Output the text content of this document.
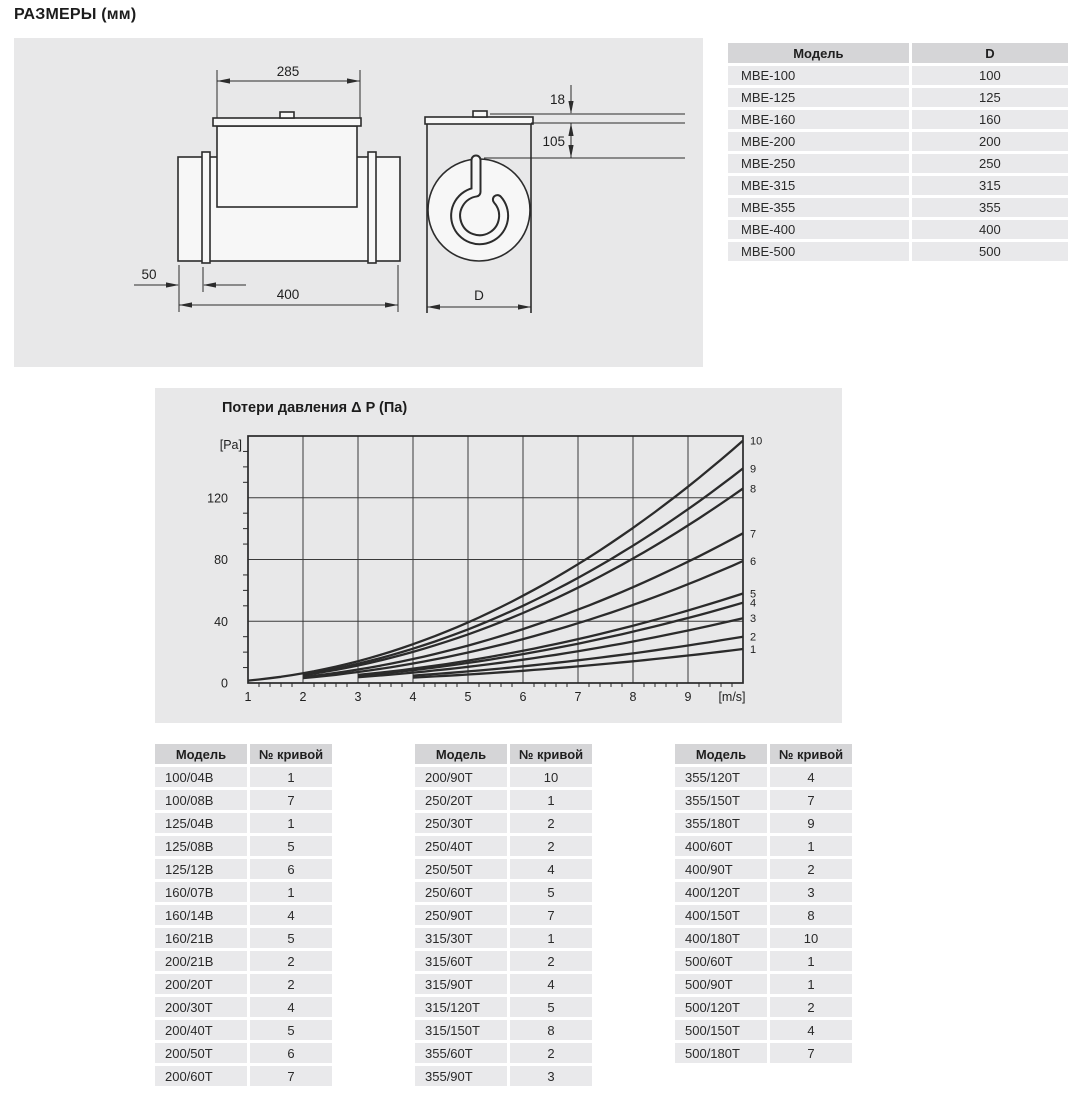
РАЗМЕРЫ (мм)
285
400
50
18
105
D
Модель	D
МВЕ-100	100
МВЕ-125	125
МВЕ-160	160
МВЕ-200	200
МВЕ-250	250
МВЕ-315	315
МВЕ-355	355
МВЕ-400	400
МВЕ-500	500
Потери давления Δ P (Па)
1
2
3
4
5
6
7
8
9
10
1	2	3	4	5	6	7	8	9 [m/s]
0
40
80
120
[Pa]
Модель	№ кривой
100/04В	1
100/08В	7
125/04В	1
125/08В	5
125/12В	6
160/07В	1
160/14В	4
160/21В	5
200/21В	2
200/20Т	2
200/30Т	4
200/40Т	5
200/50Т	6
200/60Т	7
Модель	№ кривой
200/90Т	10
250/20Т	1
250/30Т	2
250/40Т	2
250/50Т	4
250/60Т	5
250/90Т	7
315/30Т	1
315/60Т	2
315/90Т	4
315/120Т	5
315/150Т	8
355/60Т	2
355/90Т	3
Модель	№ кривой
355/120Т	4
355/150Т	7
355/180Т	9
400/60Т	1
400/90Т	2
400/120Т	3
400/150Т	8
400/180Т	10
500/60Т	1
500/90Т	1
500/120Т	2
500/150Т	4
500/180Т	7
